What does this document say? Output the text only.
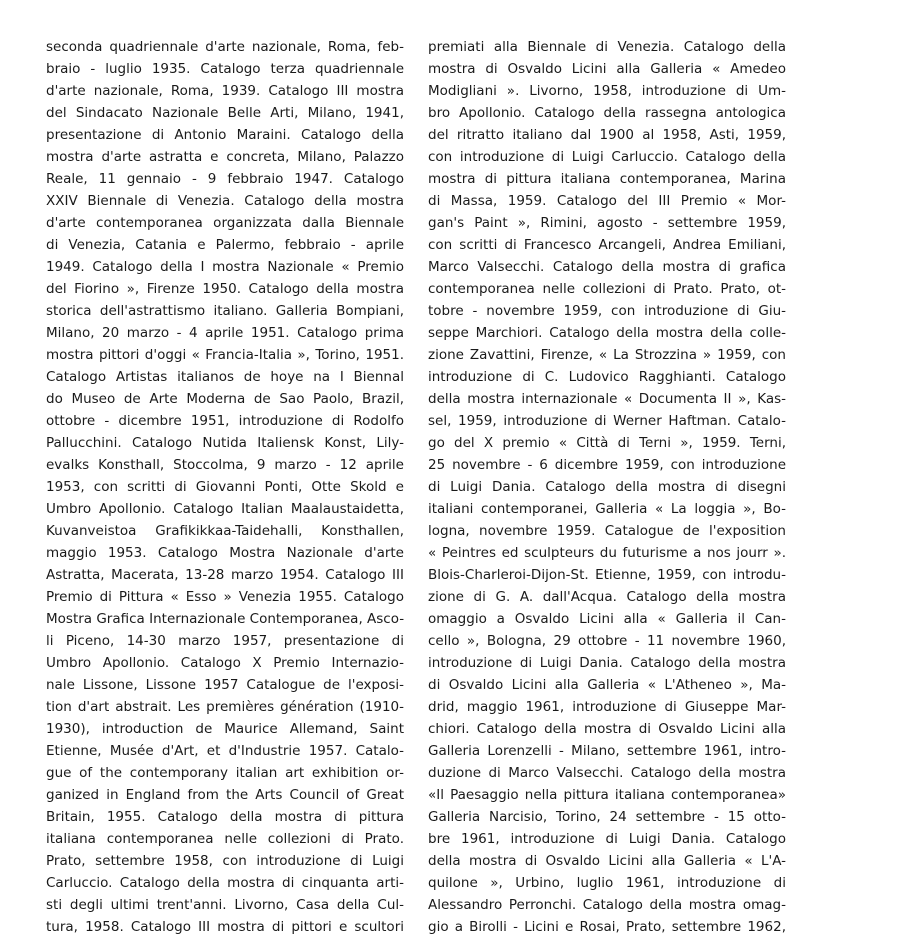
seconda quadriennale d'arte nazionale, Roma, feb-
braio - luglio 1935. Catalogo terza quadriennale
d'arte nazionale, Roma, 1939. Catalogo III mostra
del Sindacato Nazionale Belle Arti, Milano, 1941,
presentazione di Antonio Maraini. Catalogo della
mostra d'arte astratta e concreta, Milano, Palazzo
Reale, 11 gennaio - 9 febbraio 1947. Catalogo
XXIV Biennale di Venezia. Catalogo della mostra
d'arte contemporanea organizzata dalla Biennale
di Venezia, Catania e Palermo, febbraio - aprile
1949. Catalogo della I mostra Nazionale « Premio
del Fiorino », Firenze 1950. Catalogo della mostra
storica dell'astrattismo italiano. Galleria Bompiani,
Milano, 20 marzo - 4 aprile 1951. Catalogo prima
mostra pittori d'oggi « Francia-Italia », Torino, 1951.
Catalogo Artistas italianos de hoye na I Biennal
do Museo de Arte Moderna de Sao Paolo, Brazil,
ottobre - dicembre 1951, introduzione di Rodolfo
Pallucchini. Catalogo Nutida Italiensk Konst, Lily-
evalks Konsthall, Stoccolma, 9 marzo - 12 aprile
1953, con scritti di Giovanni Ponti, Otte Skold e
Umbro Apollonio. Catalogo Italian Maalaustaidetta,
Kuvanveistoa Grafikikkaa-Taidehalli, Konsthallen,
maggio 1953. Catalogo Mostra Nazionale d'arte
Astratta, Macerata, 13-28 marzo 1954. Catalogo III
Premio di Pittura « Esso » Venezia 1955. Catalogo
Mostra Grafica Internazionale Contemporanea, Asco-
li Piceno, 14-30 marzo 1957, presentazione di
Umbro Apollonio. Catalogo X Premio Internazio-
nale Lissone, Lissone 1957 Catalogue de l'exposi-
tion d'art abstrait. Les premières génération (1910-
1930), introduction de Maurice Allemand, Saint
Etienne, Musée d'Art, et d'Industrie 1957. Catalo-
gue of the contemporany italian art exhibition or-
ganized in England from the Arts Council of Great
Britain, 1955. Catalogo della mostra di pittura
italiana contemporanea nelle collezioni di Prato.
Prato, settembre 1958, con introduzione di Luigi
Carluccio. Catalogo della mostra di cinquanta arti-
sti degli ultimi trent'anni. Livorno, Casa della Cul-
tura, 1958. Catalogo III mostra di pittori e scultori
premiati alla Biennale di Venezia. Catalogo della
mostra di Osvaldo Licini alla Galleria « Amedeo
Modigliani ». Livorno, 1958, introduzione di Um-
bro Apollonio. Catalogo della rassegna antologica
del ritratto italiano dal 1900 al 1958, Asti, 1959,
con introduzione di Luigi Carluccio. Catalogo della
mostra di pittura italiana contemporanea, Marina
di Massa, 1959. Catalogo del III Premio « Mor-
gan's Paint », Rimini, agosto - settembre 1959,
con scritti di Francesco Arcangeli, Andrea Emiliani,
Marco Valsecchi. Catalogo della mostra di grafica
contemporanea nelle collezioni di Prato. Prato, ot-
tobre - novembre 1959, con introduzione di Giu-
seppe Marchiori. Catalogo della mostra della colle-
zione Zavattini, Firenze, « La Strozzina » 1959, con
introduzione di C. Ludovico Ragghianti. Catalogo
della mostra internazionale « Documenta II », Kas-
sel, 1959, introduzione di Werner Haftman. Catalo-
go del X premio « Città di Terni », 1959. Terni,
25 novembre - 6 dicembre 1959, con introduzione
di Luigi Dania. Catalogo della mostra di disegni
italiani contemporanei, Galleria « La loggia », Bo-
logna, novembre 1959. Catalogue de l'exposition
« Peintres ed sculpteurs du futurisme a nos jourr ».
Blois-Charleroi-Dijon-St. Etienne, 1959, con introdu-
zione di G. A. dall'Acqua. Catalogo della mostra
omaggio a Osvaldo Licini alla « Galleria il Can-
cello », Bologna, 29 ottobre - 11 novembre 1960,
introduzione di Luigi Dania. Catalogo della mostra
di Osvaldo Licini alla Galleria « L'Atheneo », Ma-
drid, maggio 1961, introduzione di Giuseppe Mar-
chiori. Catalogo della mostra di Osvaldo Licini alla
Galleria Lorenzelli - Milano, settembre 1961, intro-
duzione di Marco Valsecchi. Catalogo della mostra
«Il Paesaggio nella pittura italiana contemporanea»
Galleria Narcisio, Torino, 24 settembre - 15 otto-
bre 1961, introduzione di Luigi Dania. Catalogo
della mostra di Osvaldo Licini alla Galleria « L'A-
quilone », Urbino, luglio 1961, introduzione di
Alessandro Perronchi. Catalogo della mostra omag-
gio a Birolli - Licini e Rosai, Prato, settembre 1962,
